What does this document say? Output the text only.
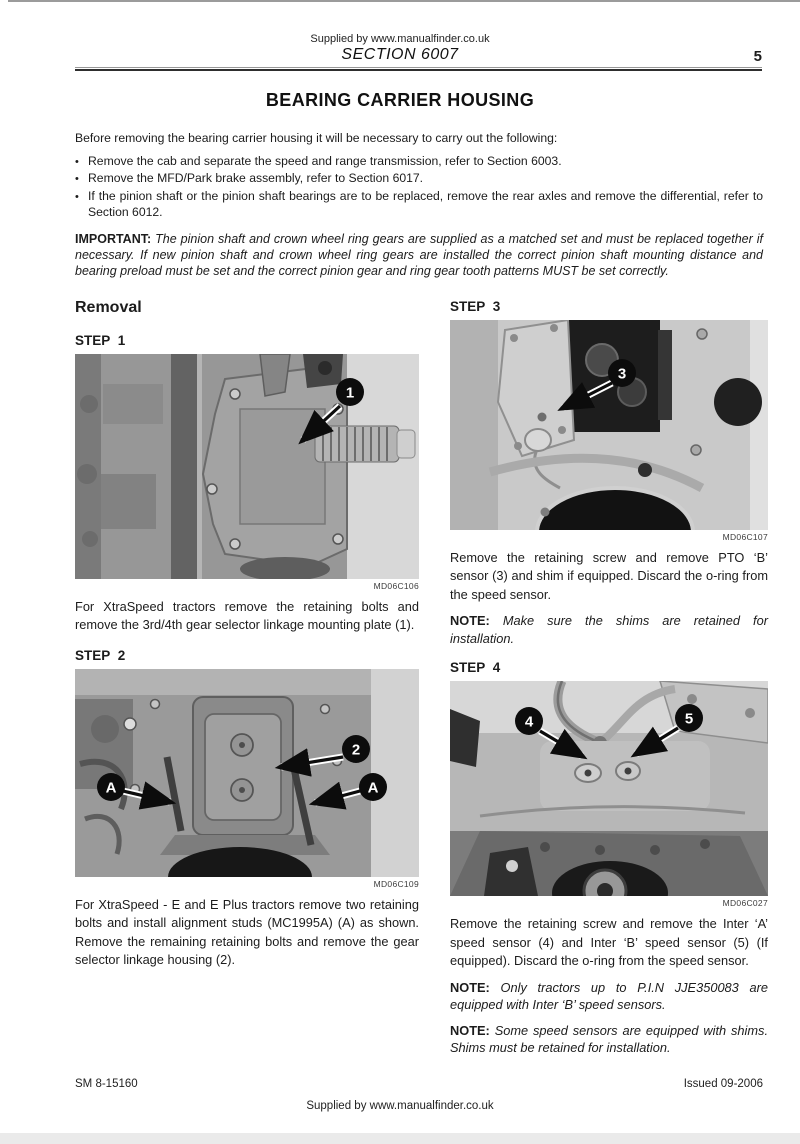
Supplied by www.manualfinder.co.uk
SECTION 6007	5
BEARING CARRIER HOUSING

Before removing the bearing carrier housing it will be necessary to carry out the following:

•
Remove the cab and separate the speed and range transmission, refer to Section 6003.
•
Remove the MFD/Park brake assembly, refer to Section 6017.
•
If the pinion shaft or the pinion shaft bearings are to be replaced, remove the rear axles and remove the differential, refer to Section 6012.

IMPORTANT: The pinion shaft and crown wheel ring gears are supplied as a matched set and must be replaced together if necessary. If new pinion shaft and crown wheel ring gears are installed the correct pinion shaft mounting distance and bearing preload must be set and the correct pinion gear and ring gear tooth patterns MUST be set correctly.

Removal
STEP 1
1
MD06C106

For XtraSpeed tractors remove the retaining bolts and remove the 3rd/4th gear selector linkage mounting plate (1).

STEP 2
2
A	A
MD06C109

For XtraSpeed - E and E Plus tractors remove two retaining bolts and install alignment studs (MC1995A) (A) as shown. Remove the remaining retaining bolts and remove the gear selector linkage housing (2).

STEP 3
3
MD06C107

Remove the retaining screw and remove PTO ‘B’ sensor (3) and shim if equipped. Discard the o-ring from the speed sensor.

NOTE: Make sure the shims are retained for installation.

STEP 4
4	5
MD06C027

Remove the retaining screw and remove the Inter ‘A’ speed sensor (4) and Inter ‘B’ speed sensor (5) (If equipped). Discard the o-ring from the speed sensor.

NOTE: Only tractors up to P.I.N JJE350083 are equipped with Inter ‘B’ speed sensors.

NOTE: Some speed sensors are equipped with shims. Shims must be retained for installation.

SM 8-15160	Issued 09-2006
Supplied by www.manualfinder.co.uk
